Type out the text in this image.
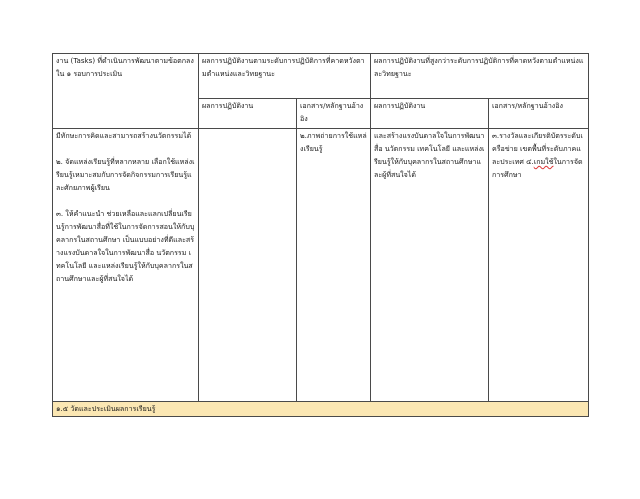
งาน (Tasks) ที่ดำเนินการพัฒนาตามข้อตกลงใน ๑ รอบการประเมิน	ผลการปฏิบัติงานตามระดับการปฏิบัติการที่คาดหวังตามตำแหน่งและวิทยฐานะ		ผลการปฏิบัติงานที่สูงกว่าระดับการปฏิบัติการที่คาดหวังตามตำแหน่งและวิทยฐานะ	
	ผลการปฏิบัติงาน	เอกสาร/หลักฐานอ้างอิง	ผลการปฏิบัติงาน	เอกสาร/หลักฐานอ้างอิง

มีทักษะการคิดและสามารถสร้างนวัตกรรมได้
๒. จัดแหล่งเรียนรู้ที่หลากหลาย เลือกใช้แหล่งเรียนรู้เหมาะสมกับการจัดกิจกรรมการเรียนรู้และศักยภาพผู้เรียน
๓. ให้คำแนะนำ ช่วยเหลือและแลกเปลี่ยนเรียนรู้การพัฒนาสื่อที่ใช้ในการจัดการสอนให้กับบุคลากรในสถานศึกษา เป็นแบบอย่างที่ดีและสร้างแรงบันดาลใจในการพัฒนาสื่อ นวัตกรรม เทคโนโลยี และแหล่งเรียนรู้ให้กับบุคลากรในสถานศึกษาและผู้ที่สนใจได้		๒.ภาพถ่ายการใช้แหล่งเรียนรู้	และสร้างแรงบันดาลใจในการพัฒนาสื่อ นวัตกรรม เทคโนโลยี และแหล่งเรียนรู้ให้กับบุคลากรในสถานศึกษาและผู้ที่สนใจได้	๓.รางวัลและเกียรติบัตรระดับเครือข่าย เขตพื้นที่ระดับภาคและประเทศ ๔.เกมใช้ในการจัดการศึกษา
๑.๕ วัดและประเมินผลการเรียนรู้				
